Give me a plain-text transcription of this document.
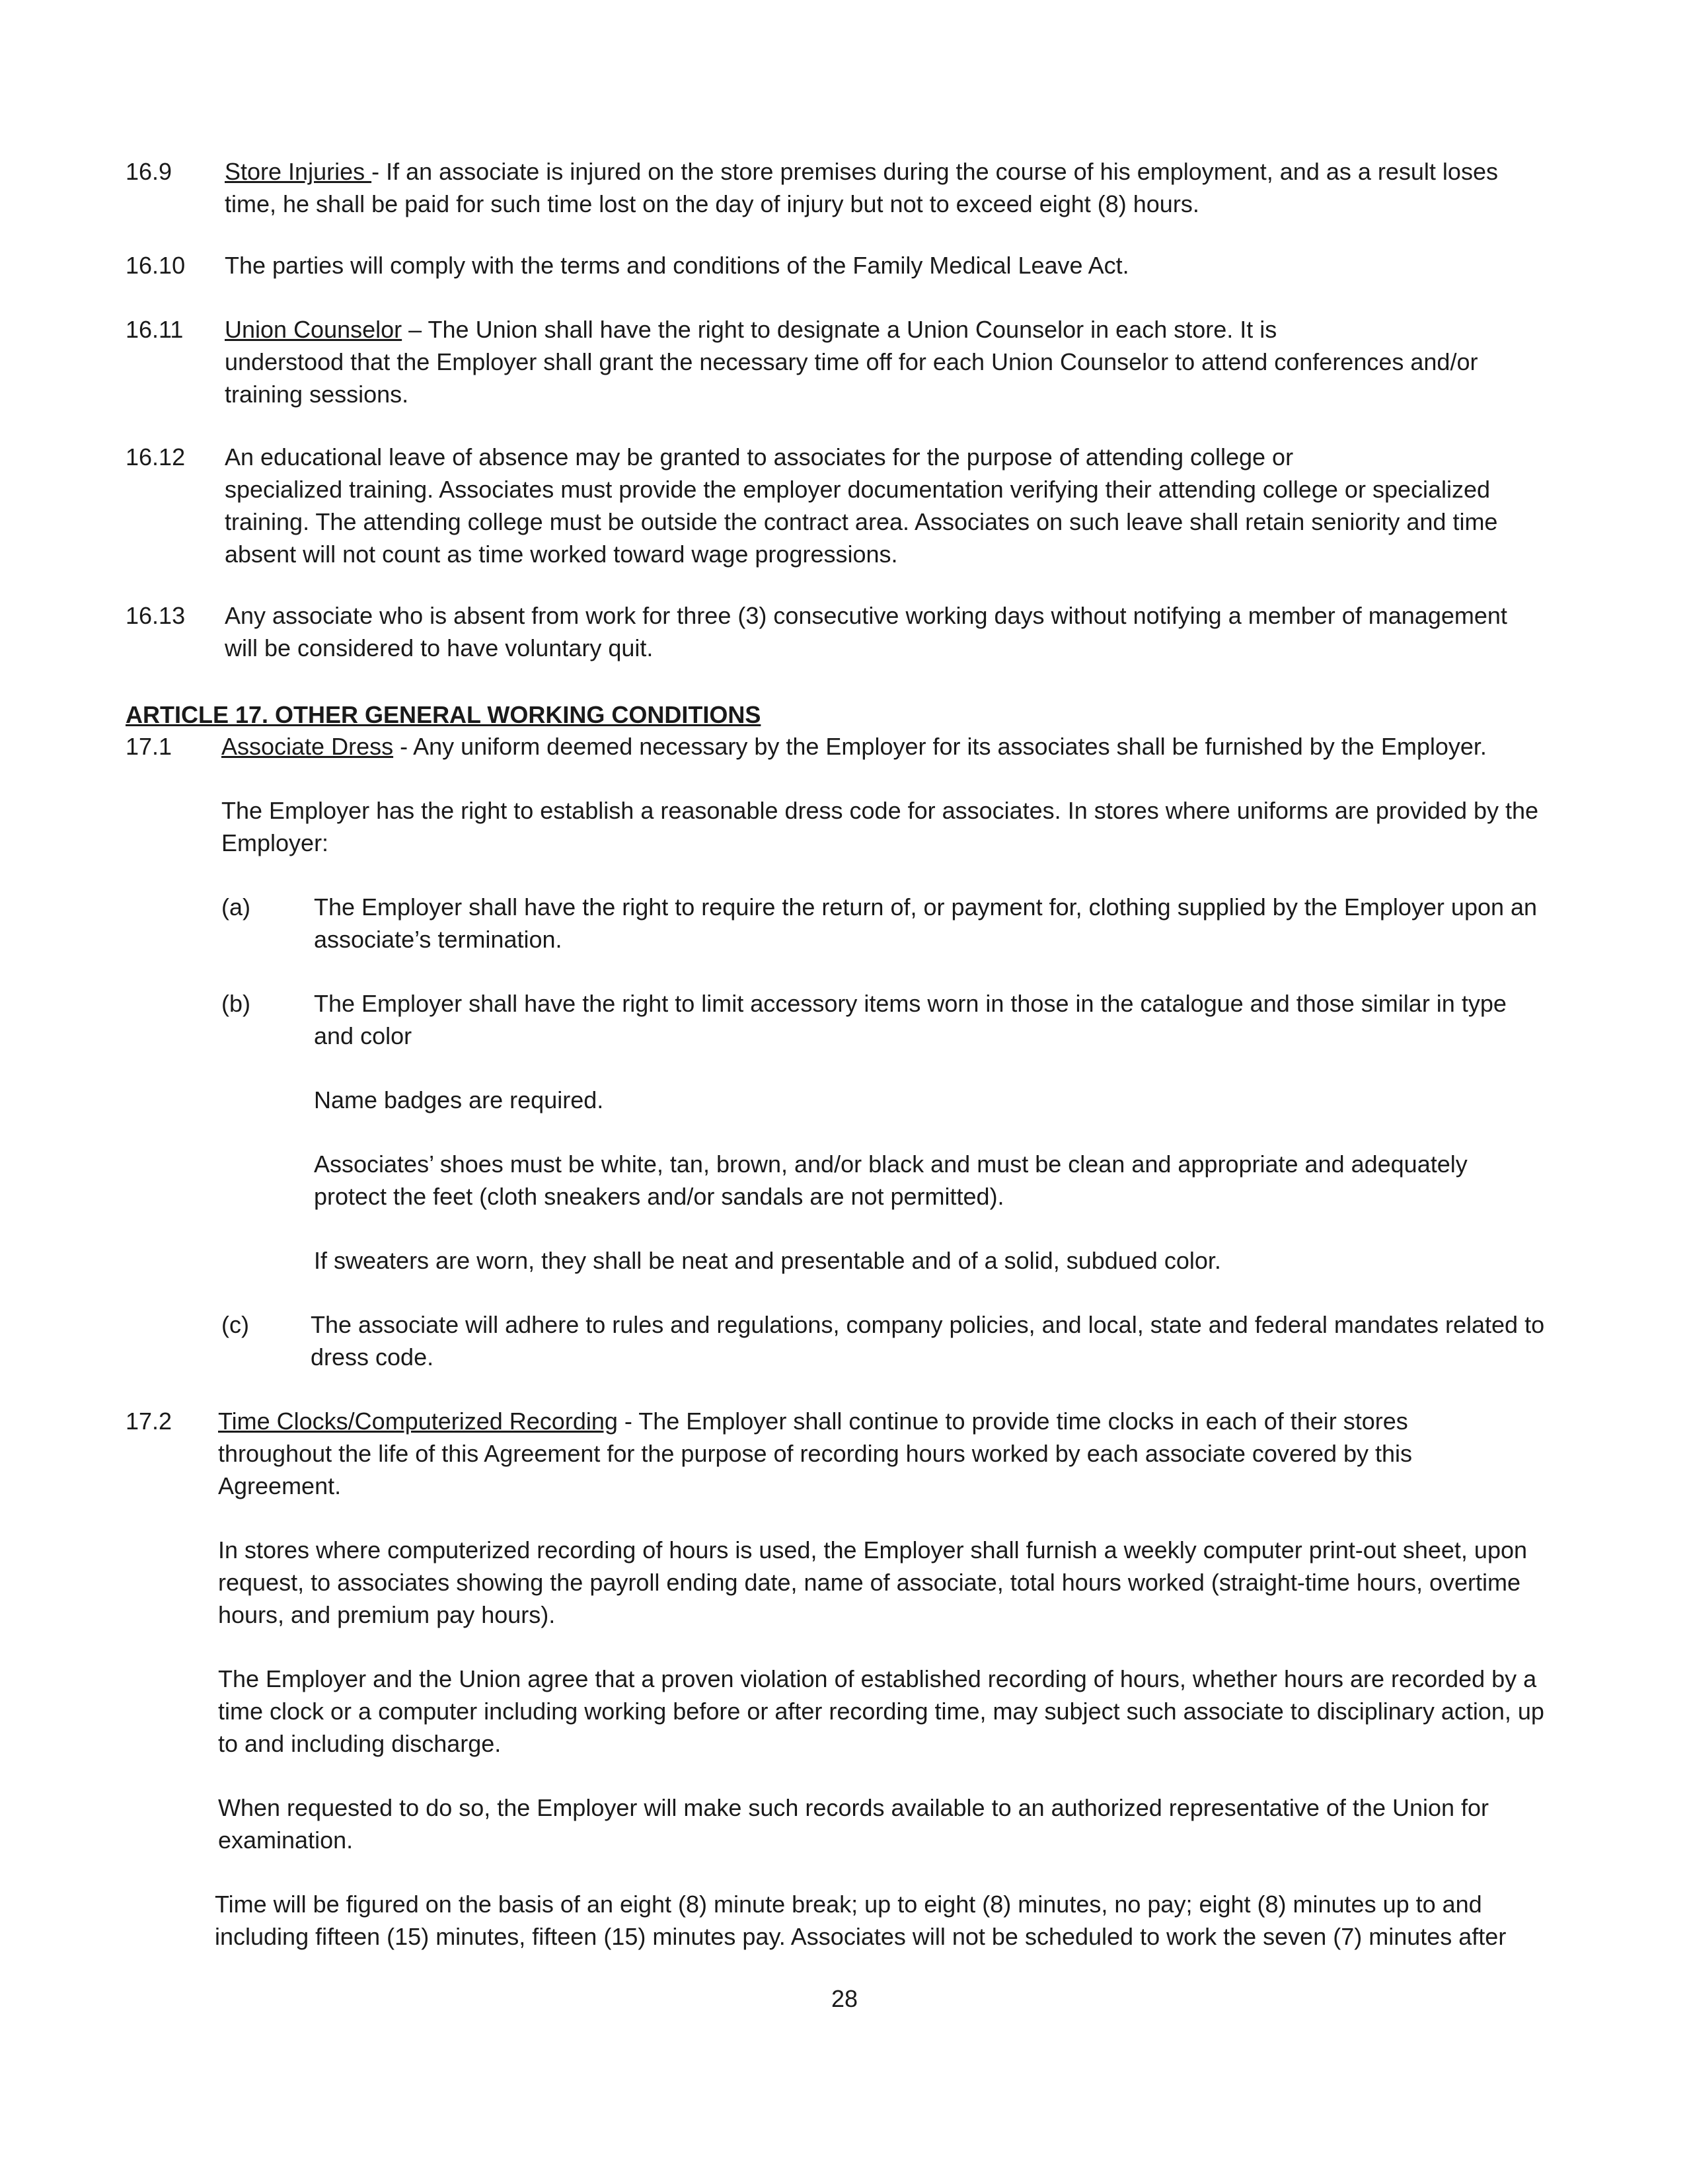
16.9 Store Injuries - If an associate is injured on the store premises during the course of his employment, and as a result loses time, he shall be paid for such time lost on the day of injury but not to exceed eight (8) hours.
16.10 The parties will comply with the terms and conditions of the Family Medical Leave Act.
16.11 Union Counselor – The Union shall have the right to designate a Union Counselor in each store. It is
understood that the Employer shall grant the necessary time off for each Union Counselor to attend conferences and/or training sessions.
16.12 An educational leave of absence may be granted to associates for the purpose of attending college or
specialized training. Associates must provide the employer documentation verifying their attending college or specialized training. The attending college must be outside the contract area. Associates on such leave shall retain seniority and time absent will not count as time worked toward wage progressions.
16.13 Any associate who is absent from work for three (3) consecutive working days without notifying a member of management will be considered to have voluntary quit.
ARTICLE 17. OTHER GENERAL WORKING CONDITIONS
17.1 Associate Dress - Any uniform deemed necessary by the Employer for its associates shall be furnished by the Employer.
The Employer has the right to establish a reasonable dress code for associates. In stores where uniforms are provided by the Employer:
(a)	The Employer shall have the right to require the return of, or payment for, clothing supplied by the Employer upon an associate’s termination.
(b)	The Employer shall have the right to limit accessory items worn in those in the catalogue and those similar in type and color
Name badges are required.
Associates’ shoes must be white, tan, brown, and/or black and must be clean and appropriate and adequately protect the feet (cloth sneakers and/or sandals are not permitted).
If sweaters are worn, they shall be neat and presentable and of a solid, subdued color.
(c)	The associate will adhere to rules and regulations, company policies, and local, state and federal mandates related to dress code.
17.2 Time Clocks/Computerized Recording - The Employer shall continue to provide time clocks in each of their stores throughout the life of this Agreement for the purpose of recording hours worked by each associate covered by this Agreement.
In stores where computerized recording of hours is used, the Employer shall furnish a weekly computer print-out sheet, upon request, to associates showing the payroll ending date, name of associate, total hours worked (straight-time hours, overtime hours, and premium pay hours).
The Employer and the Union agree that a proven violation of established recording of hours, whether hours are recorded by a time clock or a computer including working before or after recording time, may subject such associate to disciplinary action, up to and including discharge.
When requested to do so, the Employer will make such records available to an authorized representative of the Union for examination.
Time will be figured on the basis of an eight (8) minute break; up to eight (8) minutes, no pay; eight (8) minutes up to and including fifteen (15) minutes, fifteen (15) minutes pay. Associates will not be scheduled to work the seven (7) minutes after
28
